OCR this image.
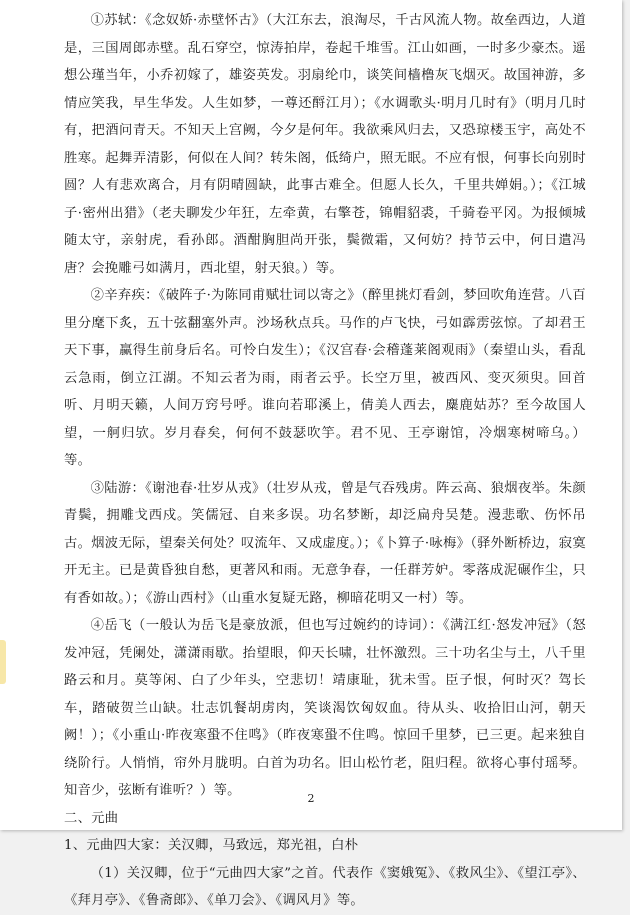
①苏轼：《念奴娇·赤壁怀古》（大江东去，浪淘尽，千古风流人物。故垒西边，人道是，三国周郎赤壁。乱石穿空，惊涛拍岸，卷起千堆雪。江山如画，一时多少豪杰。遥想公瑾当年，小乔初嫁了，雄姿英发。羽扇纶巾，谈笑间樯橹灰飞烟灭。故国神游，多情应笑我，早生华发。人生如梦，一尊还酹江月）；《水调歌头·明月几时有》（明月几时有，把酒问青天。不知天上宫阙，今夕是何年。我欲乘风归去，又恐琼楼玉宇，高处不胜寒。起舞弄清影，何似在人间？转朱阁，低绮户，照无眠。不应有恨，何事长向别时圆？人有悲欢离合，月有阴晴圆缺，此事古难全。但愿人长久，千里共婵娟。）；《江城子·密州出猎》（老夫聊发少年狂，左牵黄，右擎苍，锦帽貂裘，千骑卷平冈。为报倾城随太守，亲射虎，看孙郎。酒酣胸胆尚开张，鬓微霜，又何妨？持节云中，何日遣冯唐？会挽雕弓如满月，西北望，射天狼。）等。

②辛弃疾：《破阵子·为陈同甫赋壮词以寄之》（醉里挑灯看剑，梦回吹角连营。八百里分麾下炙，五十弦翻塞外声。沙场秋点兵。马作的卢飞快，弓如霹雳弦惊。了却君王天下事，赢得生前身后名。可怜白发生）；《汉宫春·会稽蓬莱阁观雨》（秦望山头，看乱云急雨，倒立江湖。不知云者为雨，雨者云乎。长空万里，被西风、变灭须臾。回首听、月明天籁，人间万窍号呼。谁向若耶溪上，倩美人西去，麋鹿姑苏？至今故国人望，一舸归欤。岁月春矣，何何不鼓瑟吹竽。君不见、王亭谢馆，冷烟寒树啼乌。）等。

③陆游：《谢池春·壮岁从戎》（壮岁从戎，曾是气吞残虏。阵云高、狼烟夜举。朱颜青鬓，拥雕戈西戍。笑儒冠、自来多误。功名梦断，却泛扁舟吴楚。漫悲歌、伤怀吊古。烟波无际，望秦关何处？叹流年、又成虚度。）；《卜算子·咏梅》（驿外断桥边，寂寞开无主。已是黄昏独自愁，更著风和雨。无意争春，一任群芳妒。零落成泥碾作尘，只有香如故。）；《游山西村》（山重水复疑无路，柳暗花明又一村）等。

④岳飞（一般认为岳飞是豪放派，但也写过婉约的诗词）：《满江红·怒发冲冠》（怒发冲冠，凭阑处，潇潇雨歇。抬望眼，仰天长啸，壮怀激烈。三十功名尘与土，八千里路云和月。莫等闲、白了少年头，空悲切！靖康耻，犹未雪。臣子恨，何时灭？驾长车，踏破贺兰山缺。壮志饥餐胡虏肉，笑谈渴饮匈奴血。待从头、收拾旧山河，朝天阙！）；《小重山·昨夜寒蛩不住鸣》（昨夜寒蛩不住鸣。惊回千里梦，已三更。起来独自绕阶行。人悄悄，帘外月胧明。白首为功名。旧山松竹老，阻归程。欲将心事付瑶琴。知音少，弦断有谁听？）等。

二、元曲

1、元曲四大家：关汉卿，马致远，郑光祖，白朴

（1）关汉卿，位于“元曲四大家”之首。代表作《窦娥冤》、《救风尘》、《望江亭》、《拜月亭》、《鲁斋郎》、《单刀会》、《调风月》等。

2
